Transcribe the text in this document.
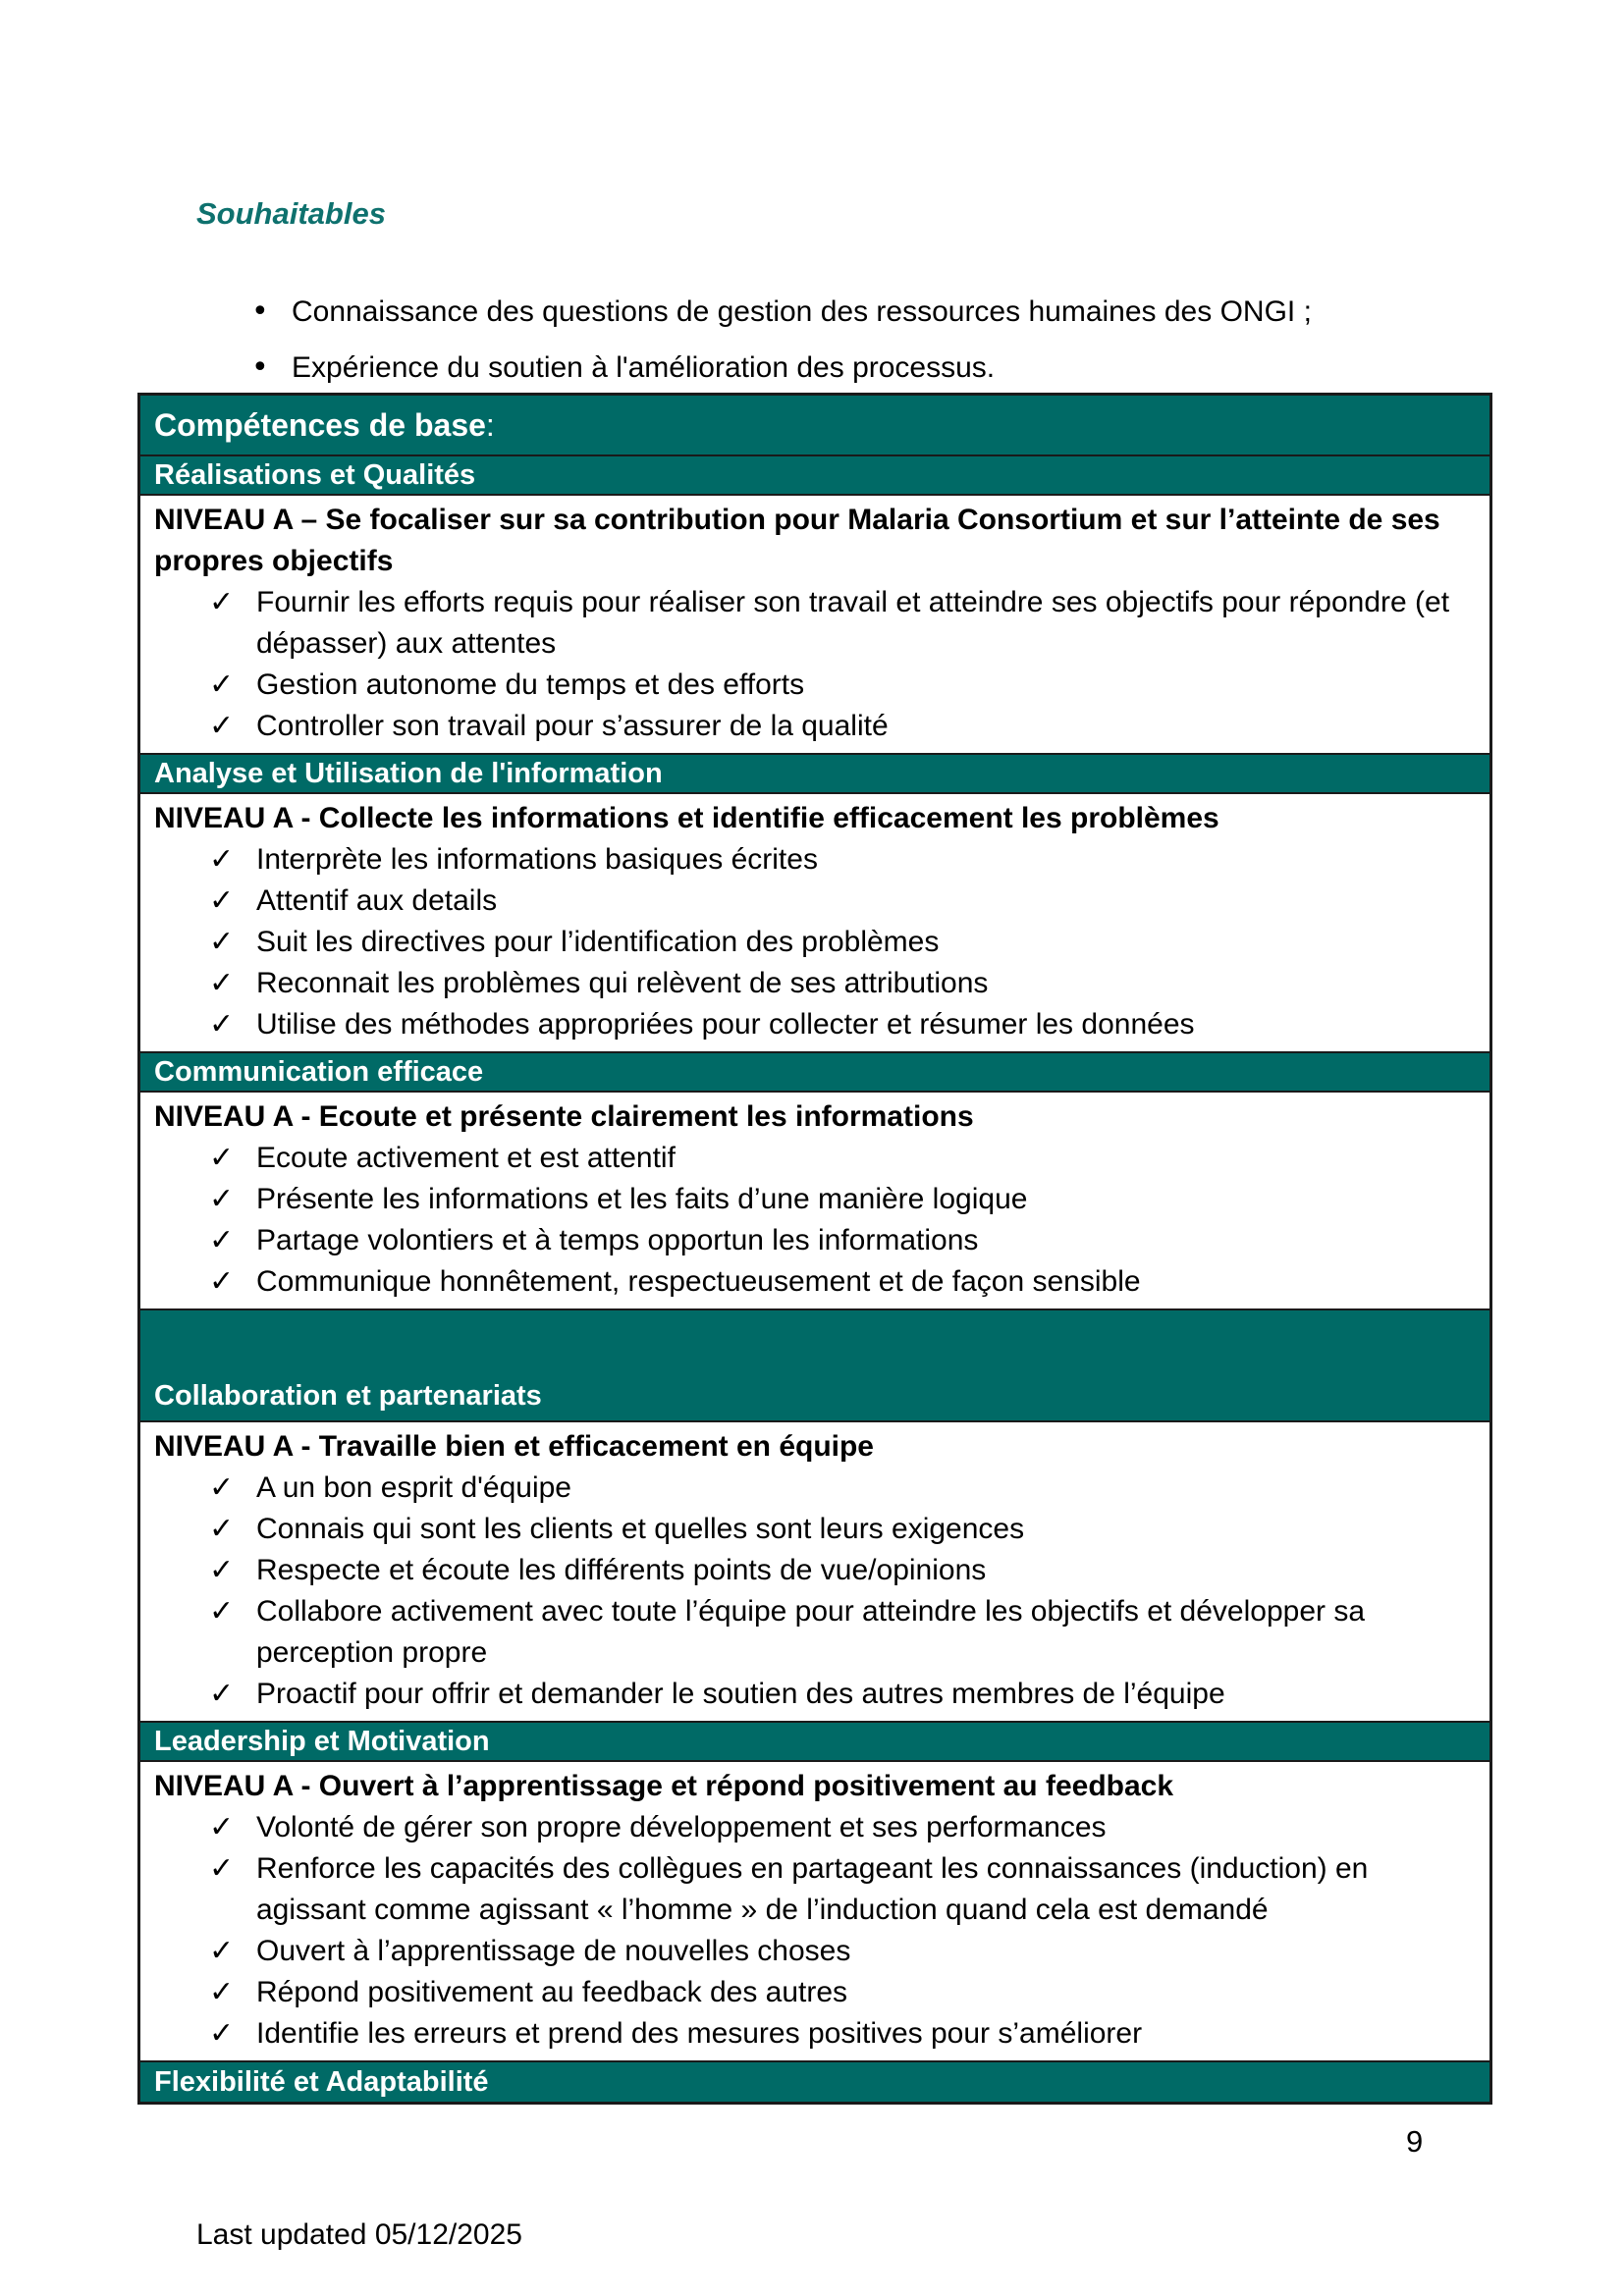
Souhaitables
• Connaissance des questions de gestion des ressources humaines des ONGI ;
• Expérience du soutien à l'amélioration des processus.
Compétences de base :
Réalisations et Qualités

NIVEAU A – Se focaliser sur sa contribution pour Malaria Consortium et sur l’atteinte de ses propres objectifs

✓ Fournir les efforts requis pour réaliser son travail et atteindre ses objectifs pour répondre (et dépasser) aux attentes
✓ Gestion autonome du temps et des efforts
✓ Controller son travail pour s’assurer de la qualité
Analyse et Utilisation de l'information

NIVEAU A - Collecte les informations et identifie efficacement les problèmes

✓ Interprète les informations basiques écrites
✓ Attentif aux details
✓ Suit les directives pour l’identification des problèmes
✓ Reconnait les problèmes qui relèvent de ses attributions
✓ Utilise des méthodes appropriées pour collecter et résumer les données
Communication efficace

NIVEAU A - Ecoute et présente clairement les informations

✓ Ecoute activement et est attentif
✓ Présente les informations et les faits d’une manière logique
✓ Partage volontiers et à temps opportun les informations
✓ Communique honnêtement, respectueusement et de façon sensible
Collaboration et partenariats

NIVEAU A - Travaille bien et efficacement en équipe

✓ A un bon esprit d'équipe
✓ Connais qui sont les clients et quelles sont leurs exigences
✓ Respecte et écoute les différents points de vue/opinions
✓ Collabore activement avec toute l’équipe pour atteindre les objectifs et développer sa perception propre
✓ Proactif pour offrir et demander le soutien des autres membres de l’équipe
Leadership et Motivation

NIVEAU A - Ouvert à l’apprentissage et répond positivement au feedback

✓ Volonté de gérer son propre développement et ses performances
✓ Renforce les capacités des collègues en partageant les connaissances (induction) en agissant comme agissant « l’homme » de l’induction quand cela est demandé
✓ Ouvert à l’apprentissage de nouvelles choses
✓ Répond positivement au feedback des autres
✓ Identifie les erreurs et prend des mesures positives pour s’améliorer
Flexibilité et Adaptabilité
9
Last updated 05/12/2025
